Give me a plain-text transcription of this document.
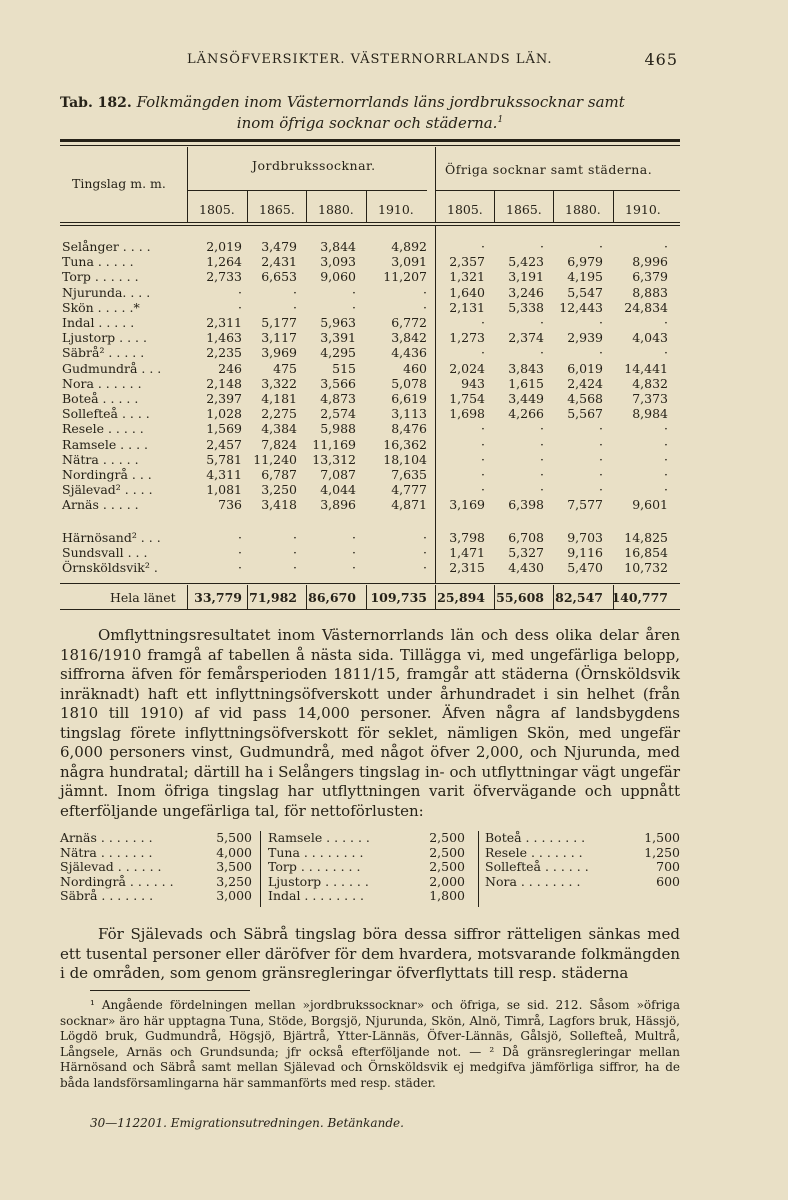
LÄNSÖFVERSIKTER. VÄSTERNORRLANDS LÄN.	465
Tab. 182. Folkmängden inom Västernorrlands läns jordbrukssocknar samt
inom öfriga socknar och städerna.$^1$
Tingslag m. m.
Jordbrukssocknar.	Öfriga socknar samt städerna.
1805. 1865. 1880. 1910.	1805. 1865. 1880. 1910.
Selånger . . . .	2,019 3,479 3,844	4,892	·	·	·	·
Tuna . . . . .	1,264 2,431 3,093	3,091 2,357 5,423 6,979 8,996
Torp . . . . . .	2,733 6,653 9,060 11,207 1,321 3,191 4,195 6,379
Njurunda. . . .	·	·	·	· 1,640 3,246 5,547 8,883
Skön . . . . .*	·	·	·	· 2,131 5,338 12,443 24,834
Indal . . . . .	2,311 5,177 5,963	6,772	·	·	·	·
Ljustorp . . . .	1,463 3,117 3,391	3,842 1,273 2,374 2,939 4,043
Säbrå² . . . . .	2,235 3,969 4,295	4,436	·	·	·	·
Gudmundrå . . .	246 475	515	460 2,024 3,843 6,019 14,441
Nora . . . . . .	2,148 3,322 3,566	5,078	943 1,615 2,424 4,832
Boteå . . . . .	2,397 4,181 4,873	6,619 1,754 3,449 4,568 7,373
Sollefteå . . . .	1,028 2,275 2,574	3,113 1,698 4,266 5,567 8,984
Resele . . . . .	1,569 4,384 5,988	8,476	·	·	·	·
Ramsele . . . .	2,457 7,824 11,169 16,362	·	·	·	·
Nätra . . . . .	5,781 11,240 13,312 18,104	·	·	·	·
Nordingrå . . .	4,311 6,787 7,087	7,635	·	·	·	·
Själevad² . . . .	1,081 3,250 4,044	4,777	·	·	·	·
Arnäs . . . . .	736 3,418 3,896	4,871 3,169 6,398 7,577 9,601
Härnösand² . . .	·	·	·	· 3,798 6,708 9,703 14,825
Sundsvall . . .	·	·	·	· 1,471 5,327 9,116 16,854
Örnsköldsvik² .	·	·	·	· 2,315 4,430 5,470 10,732
Hela länet 33,779 71,982 86,670 109,735 25,894 55,608 82,547 140,777

Omflyttningsresultatet inom Västernorrlands län och dess olika delar åren 1816/1910 framgå af tabellen å nästa sida. Tillägga vi, med ungefärliga belopp, siffrorna äfven för femårsperioden 1811/15, framgår att städerna (Örnsköldsvik inräknadt) haft ett inflyttningsöfverskott under århundradet i sin helhet (från 1810 till 1910) af vid pass 14,000 personer. Äfven några af landsbygdens tingslag förete inflyttningsöfverskott för seklet, nämligen Skön, med ungefär 6,000 personers vinst, Gudmundrå, med något öfver 2,000, och Njurunda, med några hundratal; därtill ha i Selångers tingslag in- och utflyttningar vägt ungefär jämnt. Inom öfriga tingslag har utflyttningen varit öfvervägande och uppnått efterföljande ungefärliga tal, för nettoförlusten:

Arnäs . . . . . . .	5,500
Nätra . . . . . . .	4,000
Själevad . . . . . .	3,500
Nordingrå . . . . . .	3,250
Säbrå . . . . . . .	3,000
Ramsele . . . . . .	2,500
Tuna . . . . . . . .	2,500
Torp . . . . . . . .	2,500
Ljustorp . . . . . .	2,000
Indal . . . . . . . .	1,800
Boteå . . . . . . . .	1,500
Resele . . . . . . .	1,250
Sollefteå . . . . . .	700
Nora . . . . . . . .	600

För Själevads och Säbrå tingslag böra dessa siffror rätteligen sänkas med ett tusental personer eller däröfver för dem hvardera, motsvarande folkmängden i de områden, som genom gränsregleringar öfverflyttats till resp. städerna

¹ Angående fördelningen mellan »jordbrukssocknar» och öfriga, se sid. 212. Såsom »öfriga socknar» äro här upptagna Tuna, Stöde, Borgsjö, Njurunda, Skön, Alnö, Timrå, Lagfors bruk, Hässjö, Lögdö bruk, Gudmundrå, Högsjö, Bjärtrå, Ytter-Lännäs, Öfver-Lännäs, Gålsjö, Sollefteå, Multrå, Långsele, Arnäs och Grundsunda; jfr också efterföljande not. — ² Då gränsregleringar mellan Härnösand och Säbrå samt mellan Själevad och Örnsköldsvik ej medgifva jämförliga siffror, ha de båda landsförsamlingarna här sammanförts med resp. städer.

30—112201. Emigrationsutredningen. Betänkande.
